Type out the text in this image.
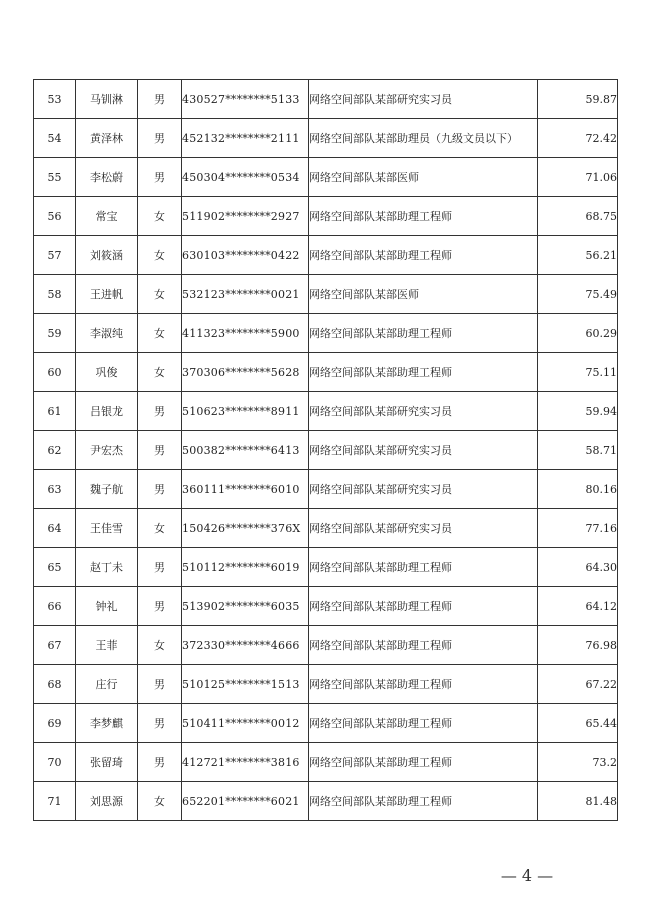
53	马钏淋	男	430527********5133	网络空间部队某部研究实习员	59.87
54	黄泽林	男	452132********2111	网络空间部队某部助理员（九级文员以下）	72.42
55	李松蔚	男	450304********0534	网络空间部队某部医师	71.06
56	常宝	女	511902********2927	网络空间部队某部助理工程师	68.75
57	刘筱涵	女	630103********0422	网络空间部队某部助理工程师	56.21
58	王进帆	女	532123********0021	网络空间部队某部医师	75.49
59	李淑纯	女	411323********5900	网络空间部队某部助理工程师	60.29
60	巩俊	女	370306********5628	网络空间部队某部助理工程师	75.11
61	吕银龙	男	510623********8911	网络空间部队某部研究实习员	59.94
62	尹宏杰	男	500382********6413	网络空间部队某部研究实习员	58.71
63	魏子航	男	360111********6010	网络空间部队某部研究实习员	80.16
64	王佳雪	女	150426********376X	网络空间部队某部研究实习员	77.16
65	赵丁未	男	510112********6019	网络空间部队某部助理工程师	64.30
66	钟礼	男	513902********6035	网络空间部队某部助理工程师	64.12
67	王菲	女	372330********4666	网络空间部队某部助理工程师	76.98
68	庄行	男	510125********1513	网络空间部队某部助理工程师	67.22
69	李梦麒	男	510411********0012	网络空间部队某部助理工程师	65.44
70	张留琦	男	412721********3816	网络空间部队某部助理工程师	73.2
71	刘思源	女	652201********6021	网络空间部队某部助理工程师	81.48
— 4 —
